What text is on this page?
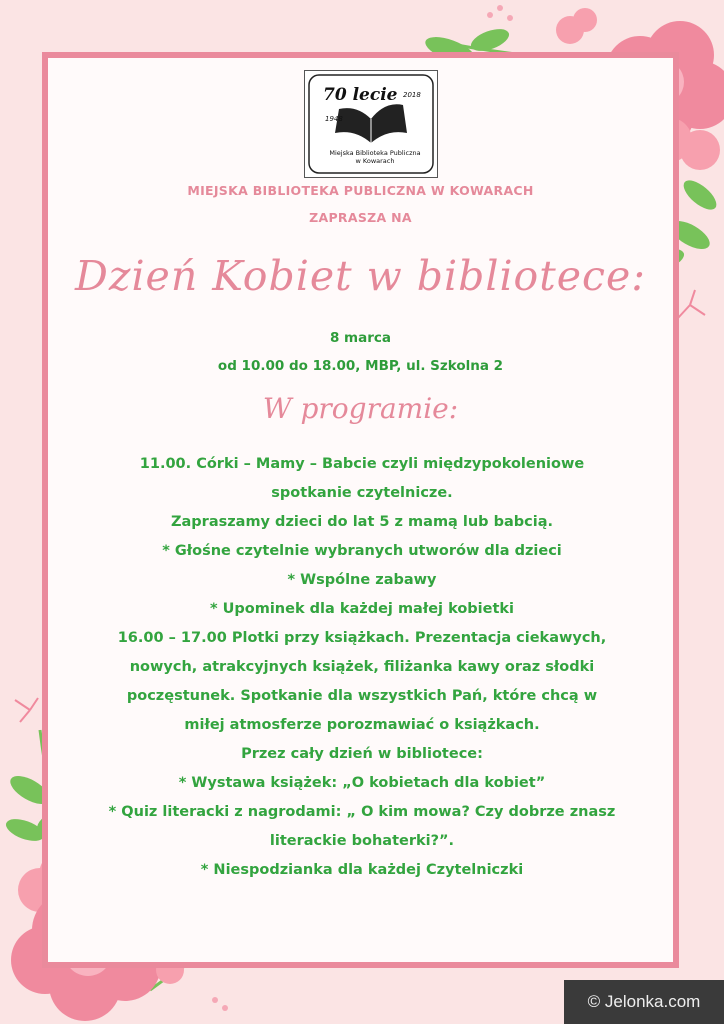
70 lecie
1948
2018
Miejska Biblioteka Publiczna
w Kowarach
MIEJSKA BIBLIOTEKA PUBLICZNA W KOWARACH
ZAPRASZA NA
Dzień Kobiet w bibliotece:
8 marca
od 10.00 do 18.00, MBP, ul. Szkolna 2
W programie:
11.00. Córki – Mamy – Babcie czyli międzypokoleniowe
spotkanie czytelnicze.
Zapraszamy dzieci do lat 5 z mamą lub babcią.
* Głośne czytelnie wybranych utworów dla dzieci
* Wspólne zabawy
* Upominek dla każdej małej kobietki
16.00 – 17.00 Plotki przy książkach. Prezentacja ciekawych,
nowych, atrakcyjnych książek, filiżanka kawy oraz słodki
poczęstunek. Spotkanie dla wszystkich Pań, które chcą w
miłej atmosferze porozmawiać o książkach.
Przez cały dzień w bibliotece:
* Wystawa książek: „O kobietach dla kobiet”
* Quiz literacki z nagrodami: „ O kim mowa? Czy dobrze znasz
literackie bohaterki?”.
* Niespodzianka dla każdej Czytelniczki
© Jelonka.com
